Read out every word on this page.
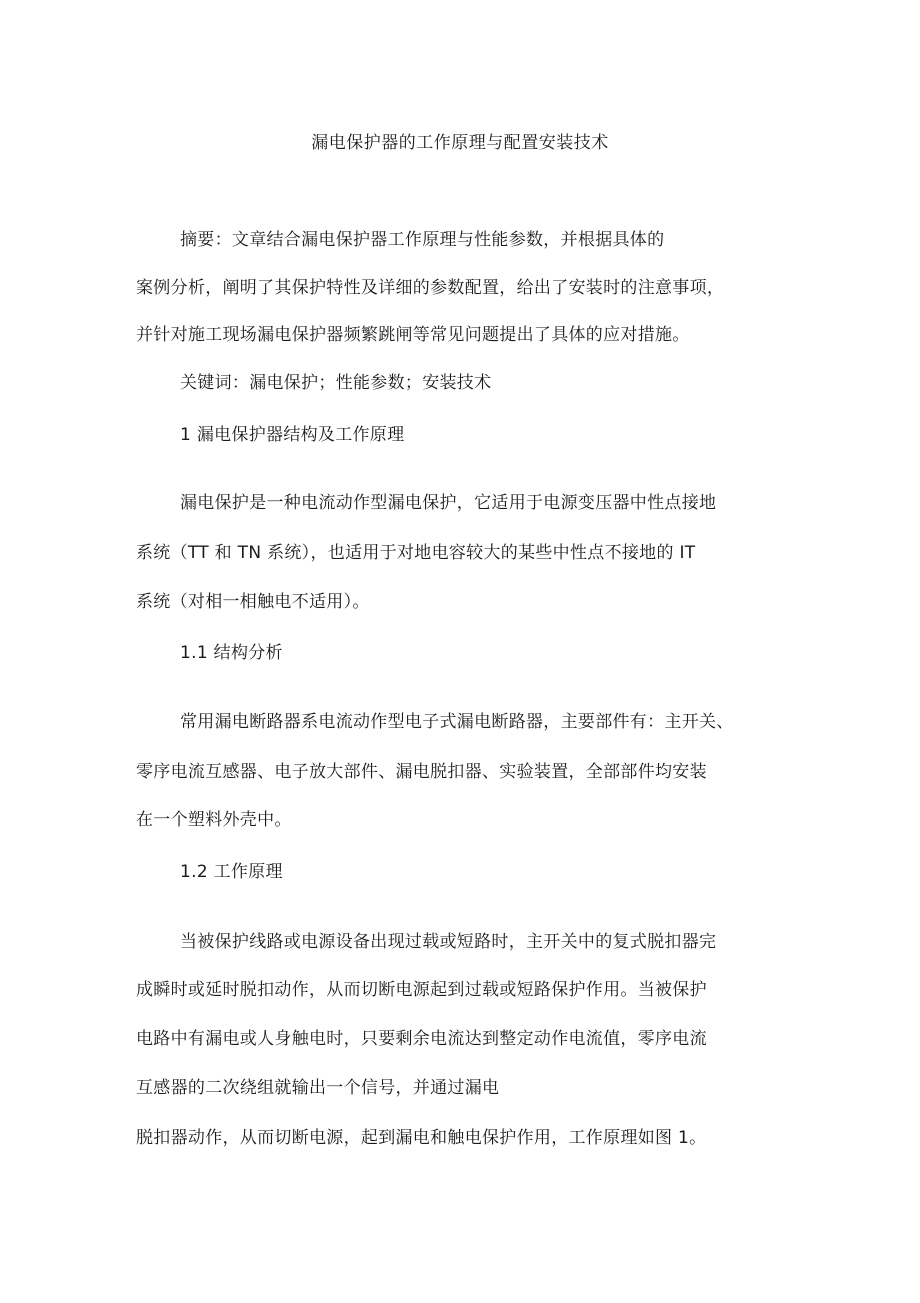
漏电保护器的工作原理与配置安装技术
摘要：文章结合漏电保护器工作原理与性能参数，并根据具体的
案例分析，阐明了其保护特性及详细的参数配置，给出了安装时的注意事项，
并针对施工现场漏电保护器频繁跳闸等常见问题提出了具体的应对措施。
关键词：漏电保护；性能参数；安装技术
1 漏电保护器结构及工作原理
漏电保护是一种电流动作型漏电保护，它适用于电源变压器中性点接地
系统（TT 和 TN 系统），也适用于对地电容较大的某些中性点不接地的 IT
系统（对相一相触电不适用）。
1.1 结构分析
常用漏电断路器系电流动作型电子式漏电断路器，主要部件有：主开关、
零序电流互感器、电子放大部件、漏电脱扣器、实验装置，全部部件均安装
在一个塑料外壳中。
1.2 工作原理
当被保护线路或电源设备出现过载或短路时，主开关中的复式脱扣器完
成瞬时或延时脱扣动作，从而切断电源起到过载或短路保护作用。当被保护
电路中有漏电或人身触电时，只要剩余电流达到整定动作电流值，零序电流
互感器的二次绕组就输出一个信号，并通过漏电
脱扣器动作，从而切断电源，起到漏电和触电保护作用，工作原理如图 1。
